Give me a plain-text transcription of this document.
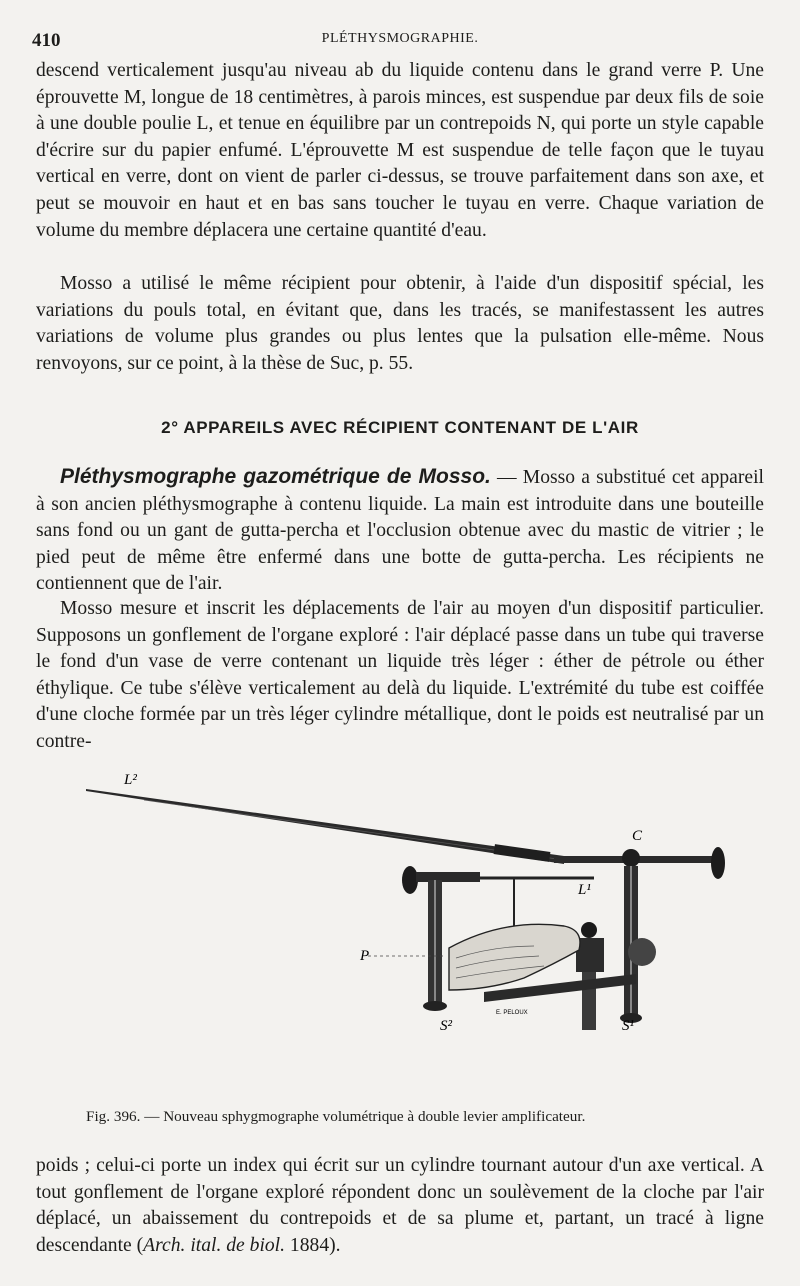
410	PLÉTHYSMOGRAPHIE.

descend verticalement jusqu'au niveau ab du liquide contenu dans le grand verre P. Une éprouvette M, longue de 18 centimètres, à parois minces, est suspendue par deux fils de soie à une double poulie L, et tenue en équilibre par un contrepoids N, qui porte un style capable d'écrire sur du papier enfumé. L'éprouvette M est suspendue de telle façon que le tuyau vertical en verre, dont on vient de parler ci-dessus, se trouve parfaitement dans son axe, et peut se mouvoir en haut et en bas sans toucher le tuyau en verre. Chaque variation de volume du membre déplacera une certaine quantité d'eau.

Mosso a utilisé le même récipient pour obtenir, à l'aide d'un dispositif spécial, les variations du pouls total, en évitant que, dans les tracés, se manifestassent les autres variations de volume plus grandes ou plus lentes que la pulsation elle-même. Nous renvoyons, sur ce point, à la thèse de Suc, p. 55.

2° APPAREILS AVEC RÉCIPIENT CONTENANT DE L'AIR

Pléthysmographe gazométrique de Mosso. — Mosso a substitué cet appareil à son ancien pléthysmographe à contenu liquide. La main est introduite dans une bouteille sans fond ou un gant de gutta-percha et l'occlusion obtenue avec du mastic de vitrier ; le pied peut de même être enfermé dans une botte de gutta-percha. Les récipients ne contiennent que de l'air.

Mosso mesure et inscrit les déplacements de l'air au moyen d'un dispositif particulier. Supposons un gonflement de l'organe exploré : l'air déplacé passe dans un tube qui traverse le fond d'un vase de verre contenant un liquide très léger : éther de pétrole ou éther éthylique. Ce tube s'élève verticalement au delà du liquide. L'extrémité du tube est coiffée d'une cloche formée par un très léger cylindre métallique, dont le poids est neutralisé par un contre-

L²
C
L¹
P
S²	S¹
E. PELOUX
Fig. 396. — Nouveau sphygmographe volumétrique à double levier amplificateur.

poids ; celui-ci porte un index qui écrit sur un cylindre tournant autour d'un axe vertical. A tout gonflement de l'organe exploré répondent donc un soulèvement de la cloche par l'air déplacé, un abaissement du contrepoids et de sa plume et, partant, un tracé à ligne descendante (Arch. ital. de biol. 1884).
